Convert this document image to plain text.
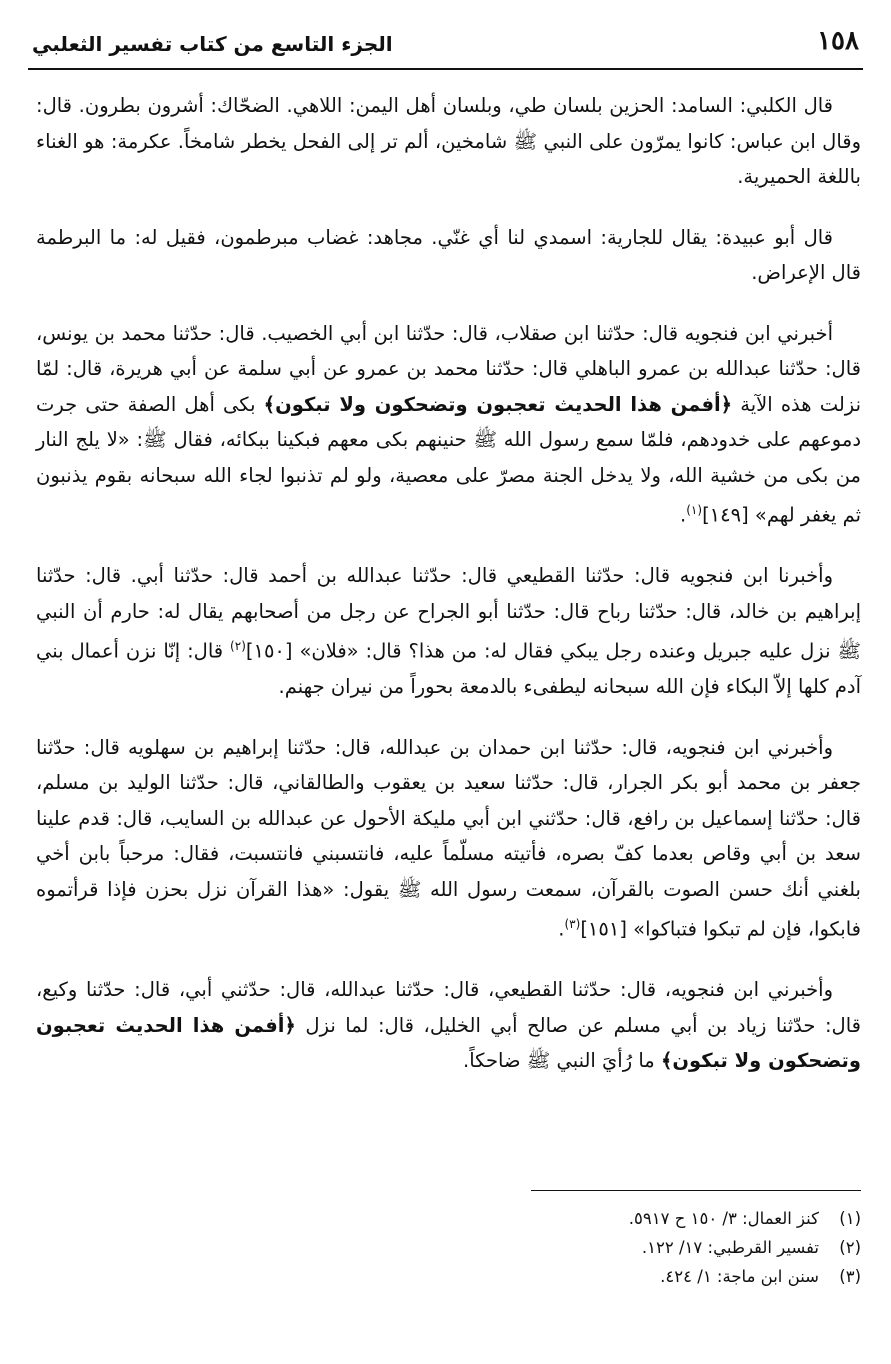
١٥٨
الجزء التاسع من كتاب تفسير الثعلبي

قال الكلبي: السامد: الحزين بلسان طي، وبلسان أهل اليمن: اللاهي. الضحّاك: أشرون بطرون. قال: وقال ابن عباس: كانوا يمرّون على النبي ﷺ شامخين، ألم تر إلى الفحل يخطر شامخاً. عكرمة: هو الغناء باللغة الحميرية.

قال أبو عبيدة: يقال للجارية: اسمدي لنا أي غنّي. مجاهد: غضاب مبرطمون، فقيل له: ما البرطمة قال الإعراض.

أخبرني ابن فنجويه قال: حدّثنا ابن صقلاب، قال: حدّثنا ابن أبي الخصيب. قال: حدّثنا محمد بن يونس، قال: حدّثنا عبدالله بن عمرو الباهلي قال: حدّثنا محمد بن عمرو عن أبي سلمة عن أبي هريرة، قال: لمّا نزلت هذه الآية ﴿أفمن هذا الحديث تعجبون وتضحكون ولا تبكون﴾ بكى أهل الصفة حتى جرت دموعهم على خدودهم، فلمّا سمع رسول الله ﷺ حنينهم بكى معهم فبكينا ببكائه، فقال ﷺ: «لا يلج النار من بكى من خشية الله، ولا يدخل الجنة مصرّ على معصية، ولو لم تذنبوا لجاء الله سبحانه بقوم يذنبون ثم يغفر لهم» [١٤٩]$^{(١)}$.

وأخبرنا ابن فنجويه قال: حدّثنا القطيعي قال: حدّثنا عبدالله بن أحمد قال: حدّثنا أبي. قال: حدّثنا إبراهيم بن خالد، قال: حدّثنا رباح قال: حدّثنا أبو الجراح عن رجل من أصحابهم يقال له: حارم أن النبي ﷺ نزل عليه جبريل وعنده رجل يبكي فقال له: من هذا؟ قال: «فلان» [١٥٠]$^{(٢)}$ قال: إنّا نزن أعمال بني آدم كلها إلاّ البكاء فإن الله سبحانه ليطفىء بالدمعة بحوراً من نيران جهنم.

وأخبرني ابن فنجويه، قال: حدّثنا ابن حمدان بن عبدالله، قال: حدّثنا إبراهيم بن سهلويه قال: حدّثنا جعفر بن محمد أبو بكر الجرار، قال: حدّثنا سعيد بن يعقوب والطالقاني، قال: حدّثنا الوليد بن مسلم، قال: حدّثنا إسماعيل بن رافع، قال: حدّثني ابن أبي مليكة الأحول عن عبدالله بن السايب، قال: قدم علينا سعد بن أبي وقاص بعدما كفّ بصره، فأتيته مسلّماً عليه، فانتسبني فانتسبت، فقال: مرحباً بابن أخي بلغني أنك حسن الصوت بالقرآن، سمعت رسول الله ﷺ يقول: «هذا القرآن نزل بحزن فإذا قرأتموه فابكوا، فإن لم تبكوا فتباكوا» [١٥١]$^{(٣)}$.

وأخبرني ابن فنجويه، قال: حدّثنا القطيعي، قال: حدّثنا عبدالله، قال: حدّثني أبي، قال: حدّثنا وكيع، قال: حدّثنا زياد بن أبي مسلم عن صالح أبي الخليل، قال: لما نزل ﴿أفمن هذا الحديث تعجبون وتضحكون ولا تبكون﴾ ما رُأيَ النبي ﷺ ضاحكاً.

(١)
كنز العمال: ٣/ ١٥٠ ح ٥٩١٧.
(٢)
تفسير القرطبي: ١٧/ ١٢٢.
(٣)
سنن ابن ماجة: ١/ ٤٢٤.
